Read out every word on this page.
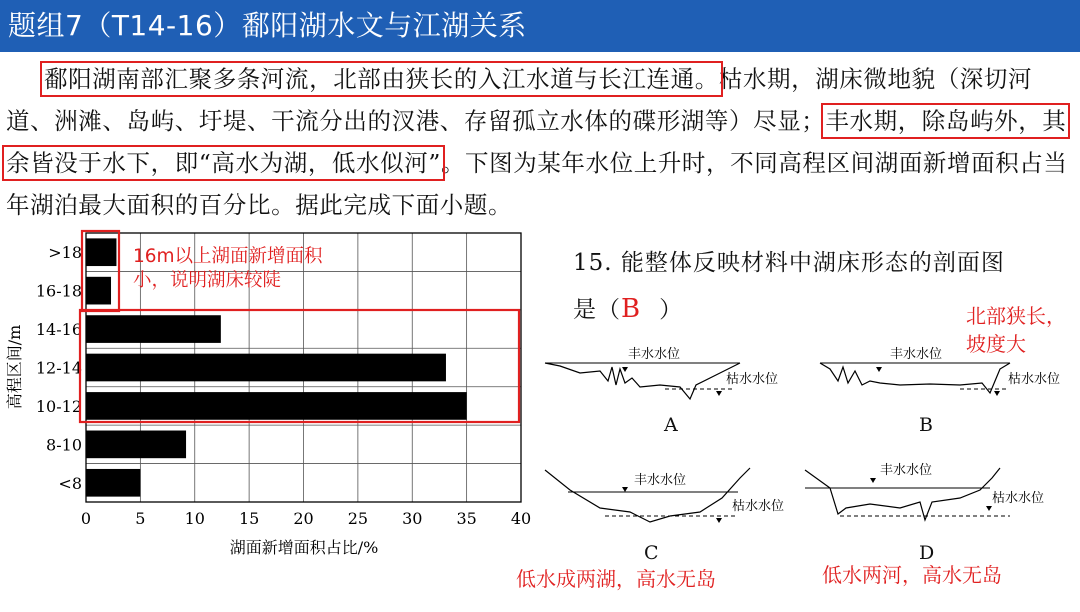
题组7（T14-16）鄱阳湖水文与江湖关系
鄱阳湖南部汇聚多条河流，北部由狭长的入江水道与长江连通。枯水期，湖床微地貌（深切河道、洲滩、岛屿、圩堤、干流分出的汊港、存留孤立水体的碟形湖等）尽显；丰水期，除岛屿外，其余皆没于水下，即“高水为湖，低水似河”。下图为某年水位上升时，不同高程区间湖面新增面积占当年湖泊最大面积的百分比。据此完成下面小题。
>18
16-18
14-16
12-14
10-12
8-10
<8
0	5 10 15 20 25 30 35 40
湖面新增面积占比/%
高程区间/m
16m以上湖面新增面积
小，说明湖床较陡
15. 能整体反映材料中湖床形态的剖面图
是（B ）	北部狭长，
坡度大
丰水水位
枯水水位
A
丰水水位
枯水水位
B
丰水水位
枯水水位
C
丰水水位
枯水水位
D
低水成两湖，高水无岛	低水两河，高水无岛
